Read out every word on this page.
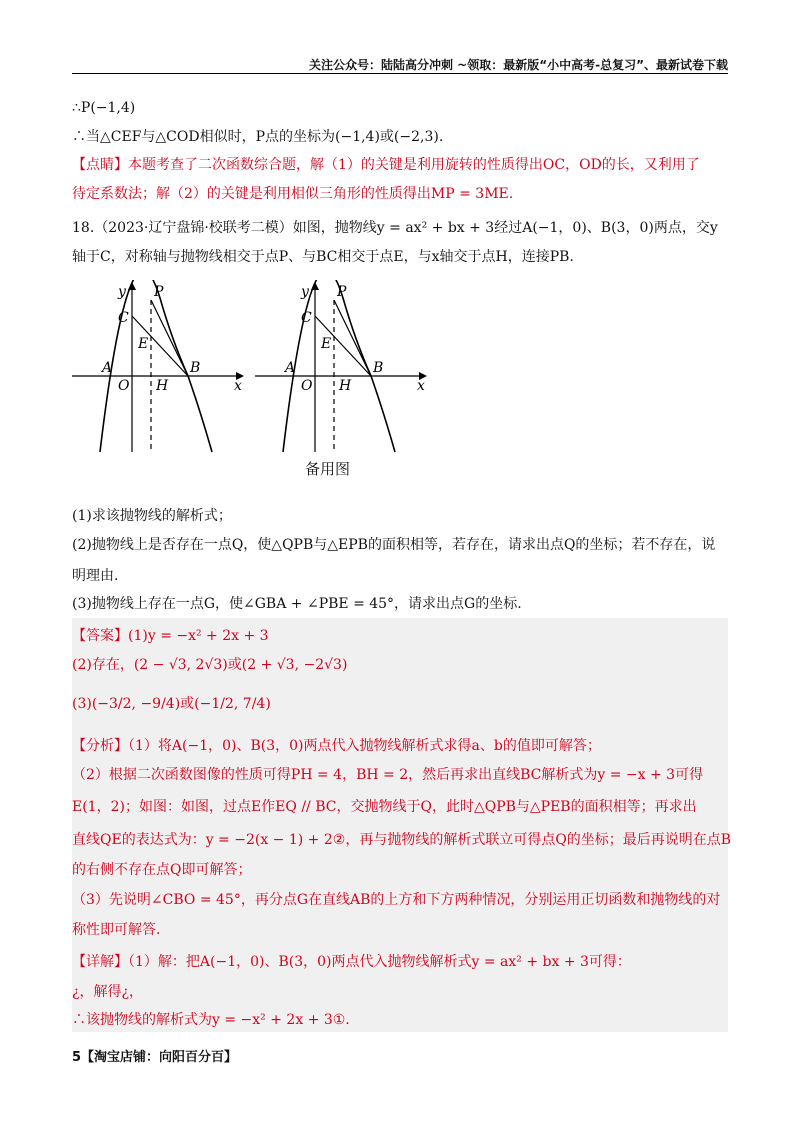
关注公众号：陆陆高分冲刺 ~领取：最新版“小中高考-总复习”、最新试卷下载
∴P(−1,4)
∴当△CEF与△COD相似时，P点的坐标为(−1,4)或(−2,3).
【点睛】本题考查了二次函数综合题，解（1）的关键是利用旋转的性质得出OC，OD的长，又利用了
待定系数法；解（2）的关键是利用相似三角形的性质得出MP = 3ME.
18.（2023·辽宁盘锦·校联考二模）如图，抛物线y = ax² + bx + 3经过A(−1，0)、B(3，0)两点，交y
轴于C，对称轴与抛物线相交于点P、与BC相交于点E，与x轴交于点H，连接PB.
y
x
P
C
E
A
O H
B
y
x
P
C
E
A
O H
B
备用图
(1)求该抛物线的解析式；
(2)抛物线上是否存在一点Q，使△QPB与△EPB的面积相等，若存在，请求出点Q的坐标；若不存在，说
明理由.
(3)抛物线上存在一点G，使∠GBA + ∠PBE = 45°，请求出点G的坐标.
【答案】(1)y = −x² + 2x + 3
(2)存在，(2 − √3, 2√3)或(2 + √3, −2√3)
(3)(−3/2, −9/4)或(−1/2, 7/4)
【分析】（1）将A(−1，0)、B(3，0)两点代入抛物线解析式求得a、b的值即可解答；
（2）根据二次函数图像的性质可得PH = 4，BH = 2，然后再求出直线BC解析式为y = −x + 3可得
E(1，2)；如图：如图，过点E作EQ // BC，交抛物线于Q，此时△QPB与△PEB的面积相等；再求出
直线QE的表达式为：y = −2(x − 1) + 2②，再与抛物线的解析式联立可得点Q的坐标；最后再说明在点B
的右侧不存在点Q即可解答；
（3）先说明∠CBO = 45°，再分点G在直线AB的上方和下方两种情况，分别运用正切函数和抛物线的对
称性即可解答.
【详解】（1）解：把A(−1，0)、B(3，0)两点代入抛物线解析式y = ax² + bx + 3可得：
¿，解得¿，
∴该抛物线的解析式为y = −x² + 2x + 3①.
5【淘宝店铺：向阳百分百】
